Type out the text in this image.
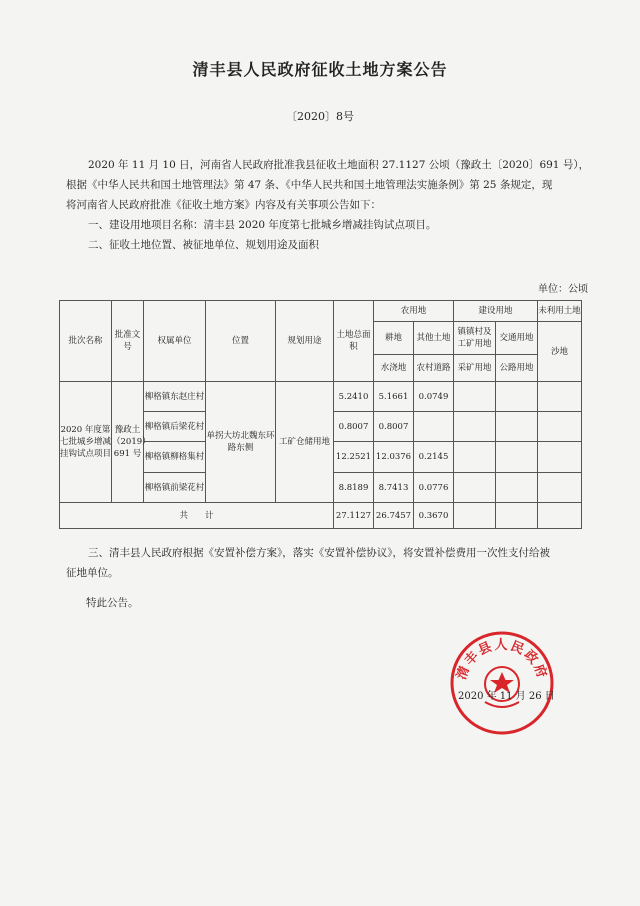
清丰县人民政府征收土地方案公告
〔2020〕8号
2020 年 11 月 10 日，河南省人民政府批准我县征收土地面积 27.1127 公顷（豫政土〔2020〕691 号），
根据《中华人民共和国土地管理法》第 47 条、《中华人民共和国土地管理法实施条例》第 25 条规定，现
将河南省人民政府批准《征收土地方案》内容及有关事项公告如下：
一、建设用地项目名称：清丰县 2020 年度第七批城乡增减挂钩试点项目。
二、征收土地位置、被征地单位、规划用途及面积
单位：公顷
批次名称	批准文号	权属单位	位置	规划用途	土地总面积	农用地		建设用地		未利用土地
						耕地	其他土地	镇镇村及工矿用地	交通用地	沙地
						水浇地	农村道路	采矿用地	公路用地	
2020 年度第七批城乡增减挂钩试点项目	豫政土（2019）691 号	柳格镇东赵庄村	单拐大坊北魏东环路东侧	工矿仓储用地	5.2410	5.1661	0.0749			
		柳格镇后梁花村			0.8007	0.8007				
		柳格镇柳格集村			12.2521	12.0376	0.2145			
		柳格镇前梁花村			8.8189	8.7413	0.0776			
共　　计					27.1127	26.7457	0.3670			
三、清丰县人民政府根据《安置补偿方案》，落实《安置补偿协议》，将安置补偿费用一次性支付给被
征地单位。
特此公告。
清丰县人民政府
2020 年 11 月 26 日
